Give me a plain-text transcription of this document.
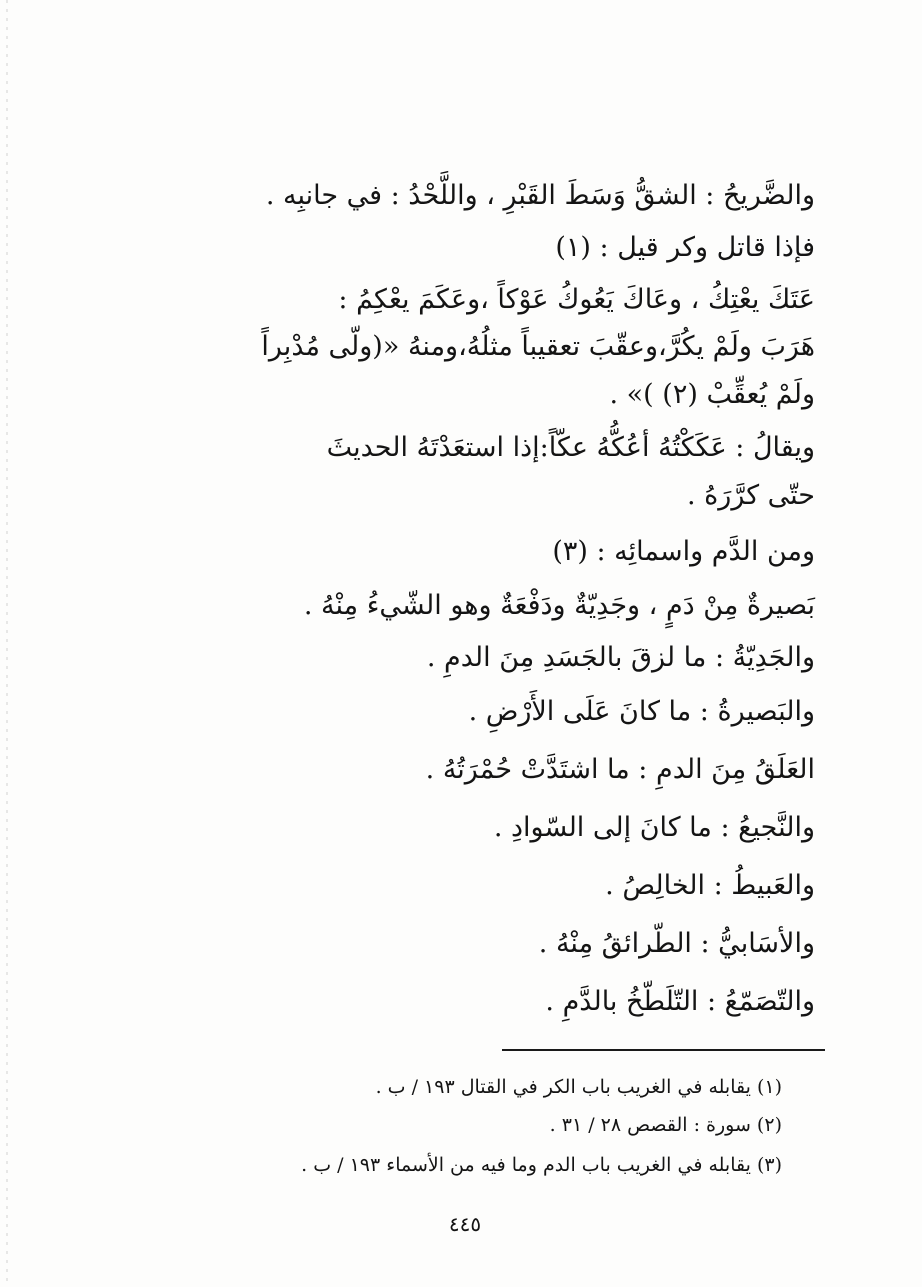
والضَّريحُ : الشقُّ وَسَطَ القَبْرِ ، واللَّحْدُ : في جانبِه .
فإذا قاتل وكر قيل : (١)
عَتَكَ يعْتِكُ ، وعَاكَ يَعُوكُ عَوْكاً ،وعَكَمَ يعْكِمُ :
هَرَبَ ولَمْ يكُرَّ،وعقّبَ تعقيباً مثلُهُ،ومنهُ «(ولّى مُدْبِراً
ولَمْ يُعقِّبْ (٢) )» .
ويقالُ : عَكَكْتُهُ أعُكُّهُ عكّاً:إذا استعَدْتَهُ الحديثَ
حتّى كرَّرَهُ .
ومن الدَّم واسمائِه : (٣)
بَصيرةٌ مِنْ دَمٍ ، وجَدِيّةٌ ودَفْعَةٌ وهو الشّيءُ مِنْهُ .
والجَدِيّةُ : ما لزقَ بالجَسَدِ مِنَ الدمِ .
والبَصيرةُ : ما كانَ عَلَى الأَرْضِ .
العَلَقُ مِنَ الدمِ : ما اشتَدَّتْ حُمْرَتُهُ .
والنَّجيعُ : ما كانَ إلى السّوادِ .
والعَبيطُ : الخالِصُ .
والأسَابيُّ : الطّرائقُ مِنْهُ .
والتّصَمّعُ : التّلَطّخُ بالدَّمِ .
(١) يقابله في الغريب باب الكر في القتال ١٩٣ / ب .
(٢) سورة : القصص ٢٨ / ٣١ .
(٣) يقابله في الغريب باب الدم وما فيه من الأسماء ١٩٣ / ب .
٤٤٥
